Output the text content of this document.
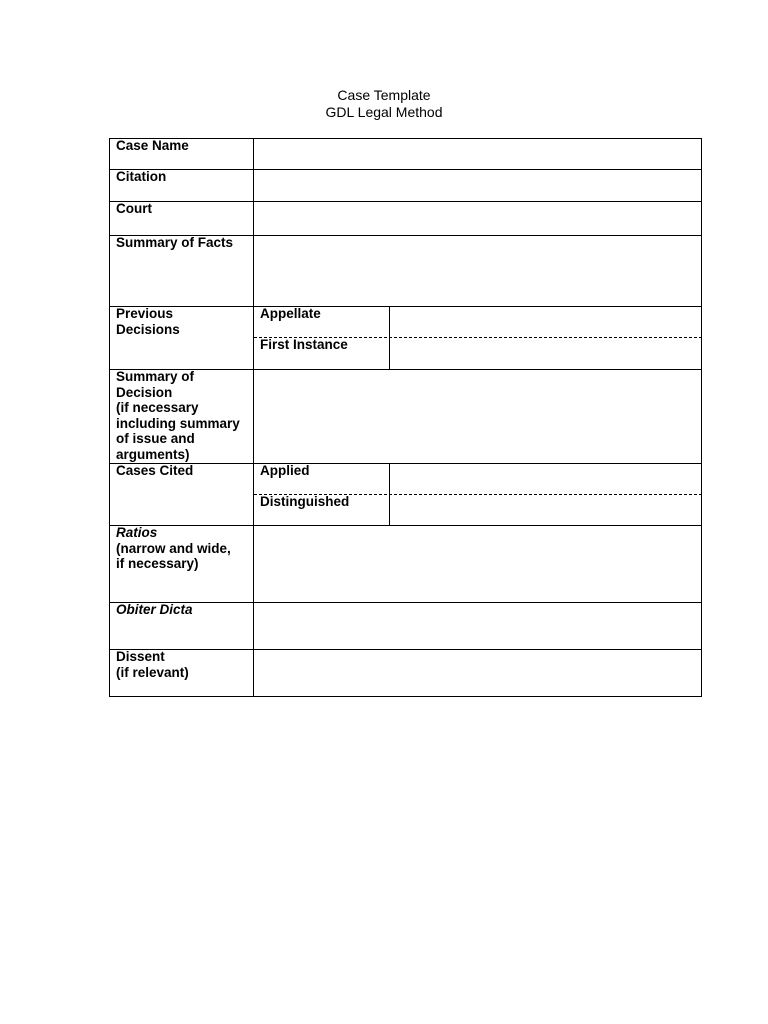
Case Template
GDL Legal Method
Case Name
Citation
Court
Summary of Facts
Previous
Decisions
Appellate
First Instance
Summary of
Decision
(if necessary
including summary
of issue and
arguments)
Cases Cited	Applied
Distinguished
Ratios
(narrow and wide,
if necessary)
Obiter Dicta
Dissent
(if relevant)
